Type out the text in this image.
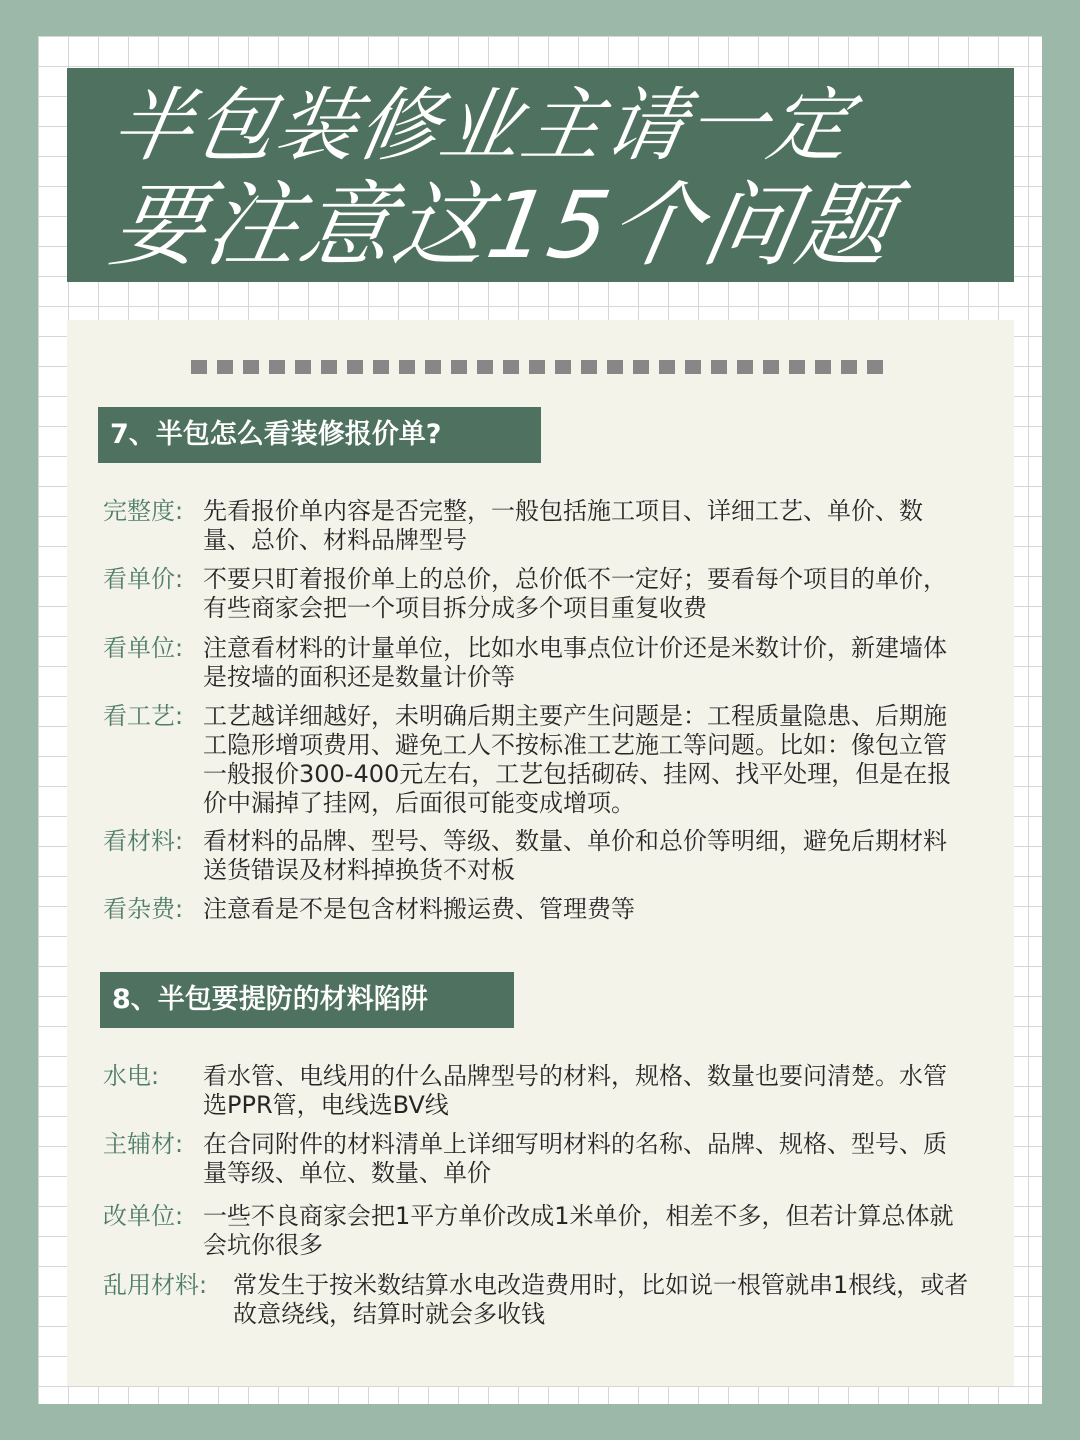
半包装修业主请一定
要注意这15个问题
7、半包怎么看装修报价单?
完整度: 先看报价单内容是否完整，一般包括施工项目、详细工艺、单价、数量、总价、材料品牌型号
看单价: 不要只盯着报价单上的总价，总价低不一定好；要看每个项目的单价，有些商家会把一个项目拆分成多个项目重复收费
看单位: 注意看材料的计量单位，比如水电事点位计价还是米数计价，新建墙体是按墙的面积还是数量计价等
看工艺: 工艺越详细越好，未明确后期主要产生问题是：工程质量隐患、后期施工隐形增项费用、避免工人不按标准工艺施工等问题。比如：像包立管一般报价300-400元左右，工艺包括砌砖、挂网、找平处理，但是在报价中漏掉了挂网，后面很可能变成增项。
看材料: 看材料的品牌、型号、等级、数量、单价和总价等明细，避免后期材料送货错误及材料掉换货不对板
看杂费: 注意看是不是包含材料搬运费、管理费等
8、半包要提防的材料陷阱
水电: 看水管、电线用的什么品牌型号的材料，规格、数量也要问清楚。水管选PPR管，电线选BV线
主辅材: 在合同附件的材料清单上详细写明材料的名称、品牌、规格、型号、质量等级、单位、数量、单价
改单位: 一些不良商家会把1平方单价改成1米单价，相差不多，但若计算总体就会坑你很多
乱用材料: 常发生于按米数结算水电改造费用时，比如说一根管就串1根线，或者故意绕线，结算时就会多收钱
